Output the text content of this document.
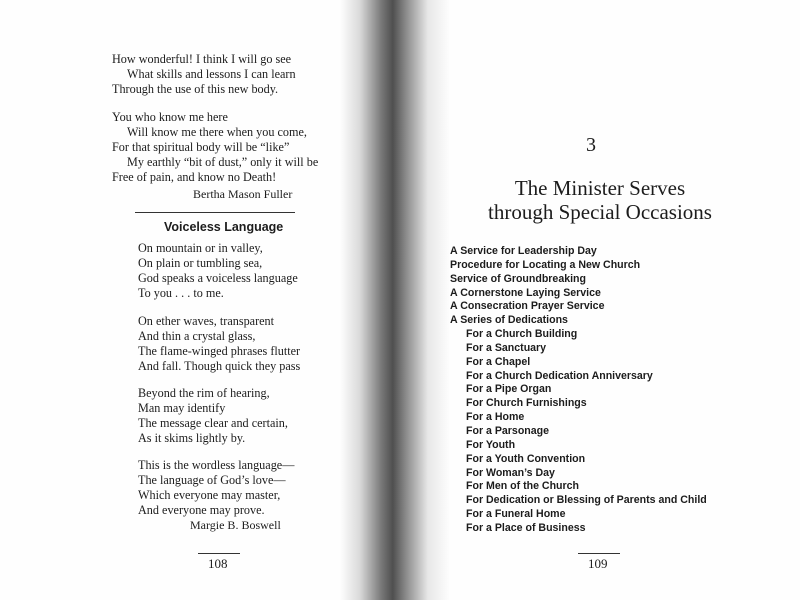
How wonderful! I think I will go see
What skills and lessons I can learn
Through the use of this new body.
You who know me here
Will know me there when you come,
For that spiritual body will be “like”
My earthly “bit of dust,” only it will be
Free of pain, and know no Death!
Bertha Mason Fuller
Voiceless Language
On mountain or in valley,
On plain or tumbling sea,
God speaks a voiceless language
To you . . . to me.
On ether waves, transparent
And thin a crystal glass,
The flame-winged phrases flutter
And fall. Though quick they pass
Beyond the rim of hearing,
Man may identify
The message clear and certain,
As it skims lightly by.
This is the wordless language—
The language of God’s love—
Which everyone may master,
And everyone may prove.
Margie B. Boswell
108
3
The Minister Serves
through Special Occasions
A Service for Leadership Day
Procedure for Locating a New Church
Service of Groundbreaking
A Cornerstone Laying Service
A Consecration Prayer Service
A Series of Dedications
For a Church Building
For a Sanctuary
For a Chapel
For a Church Dedication Anniversary
For a Pipe Organ
For Church Furnishings
For a Home
For a Parsonage
For Youth
For a Youth Convention
For Woman’s Day
For Men of the Church
For Dedication or Blessing of Parents and Child
For a Funeral Home
For a Place of Business
109
